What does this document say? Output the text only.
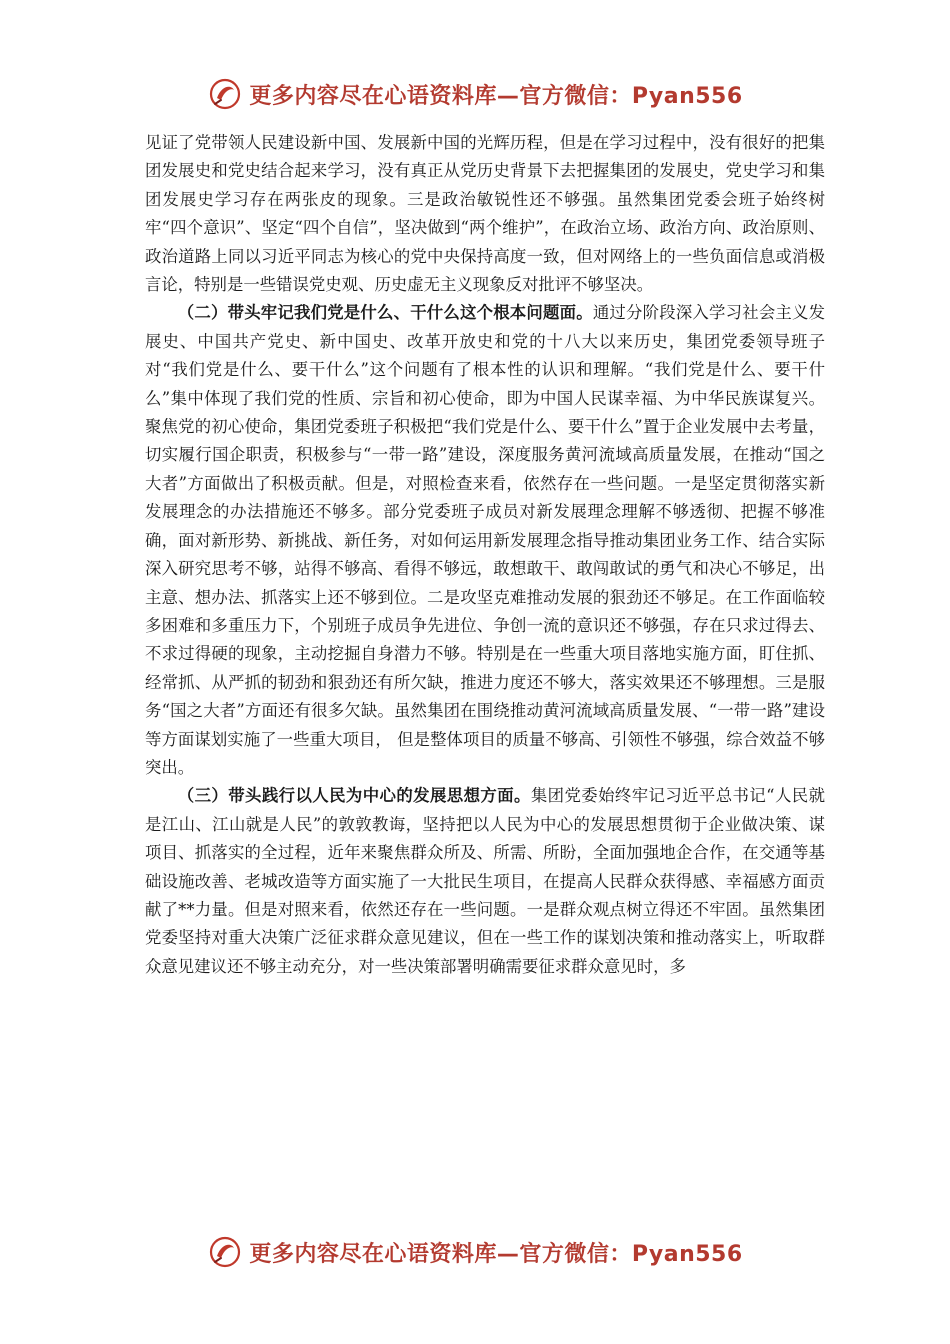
更多内容尽在心语资料库—官方微信：Pyan556

见证了党带领人民建设新中国、发展新中国的光辉历程，但是在学习过程中，没有很好的把集团发展史和党史结合起来学习，没有真正从党历史背景下去把握集团的发展史，党史学习和集团发展史学习存在两张皮的现象。三是政治敏锐性还不够强。虽然集团党委会班子始终树牢“四个意识”、坚定“四个自信”，坚决做到“两个维护”，在政治立场、政治方向、政治原则、政治道路上同以习近平同志为核心的党中央保持高度一致，但对网络上的一些负面信息或消极言论，特别是一些错误党史观、历史虚无主义现象反对批评不够坚决。

（二）带头牢记我们党是什么、干什么这个根本问题面。通过分阶段深入学习社会主义发展史、中国共产党史、新中国史、改革开放史和党的十八大以来历史，集团党委领导班子对“我们党是什么、要干什么”这个问题有了根本性的认识和理解。“我们党是什么、要干什么”集中体现了我们党的性质、宗旨和初心使命，即为中国人民谋幸福、为中华民族谋复兴。聚焦党的初心使命，集团党委班子积极把“我们党是什么、要干什么”置于企业发展中去考量，切实履行国企职责，积极参与“一带一路”建设，深度服务黄河流域高质量发展，在推动“国之大者”方面做出了积极贡献。但是，对照检查来看，依然存在一些问题。一是坚定贯彻落实新发展理念的办法措施还不够多。部分党委班子成员对新发展理念理解不够透彻、把握不够准确，面对新形势、新挑战、新任务，对如何运用新发展理念指导推动集团业务工作、结合实际深入研究思考不够，站得不够高、看得不够远，敢想敢干、敢闯敢试的勇气和决心不够足，出主意、想办法、抓落实上还不够到位。二是攻坚克难推动发展的狠劲还不够足。在工作面临较多困难和多重压力下，个别班子成员争先进位、争创一流的意识还不够强，存在只求过得去、不求过得硬的现象，主动挖掘自身潜力不够。特别是在一些重大项目落地实施方面，盯住抓、经常抓、从严抓的韧劲和狠劲还有所欠缺，推进力度还不够大，落实效果还不够理想。三是服务“国之大者”方面还有很多欠缺。虽然集团在围绕推动黄河流域高质量发展、“一带一路”建设等方面谋划实施了一些重大项目， 但是整体项目的质量不够高、引领性不够强，综合效益不够突出。

（三）带头践行以人民为中心的发展思想方面。集团党委始终牢记习近平总书记“人民就是江山、江山就是人民”的敦敦教诲，坚持把以人民为中心的发展思想贯彻于企业做决策、谋项目、抓落实的全过程，近年来聚焦群众所及、所需、所盼，全面加强地企合作，在交通等基础设施改善、老城改造等方面实施了一大批民生项目，在提高人民群众获得感、幸福感方面贡献了**力量。但是对照来看，依然还存在一些问题。一是群众观点树立得还不牢固。虽然集团党委坚持对重大决策广泛征求群众意见建议，但在一些工作的谋划决策和推动落实上，听取群众意见建议还不够主动充分，对一些决策部署明确需要征求群众意见时，多

更多内容尽在心语资料库—官方微信：Pyan556
